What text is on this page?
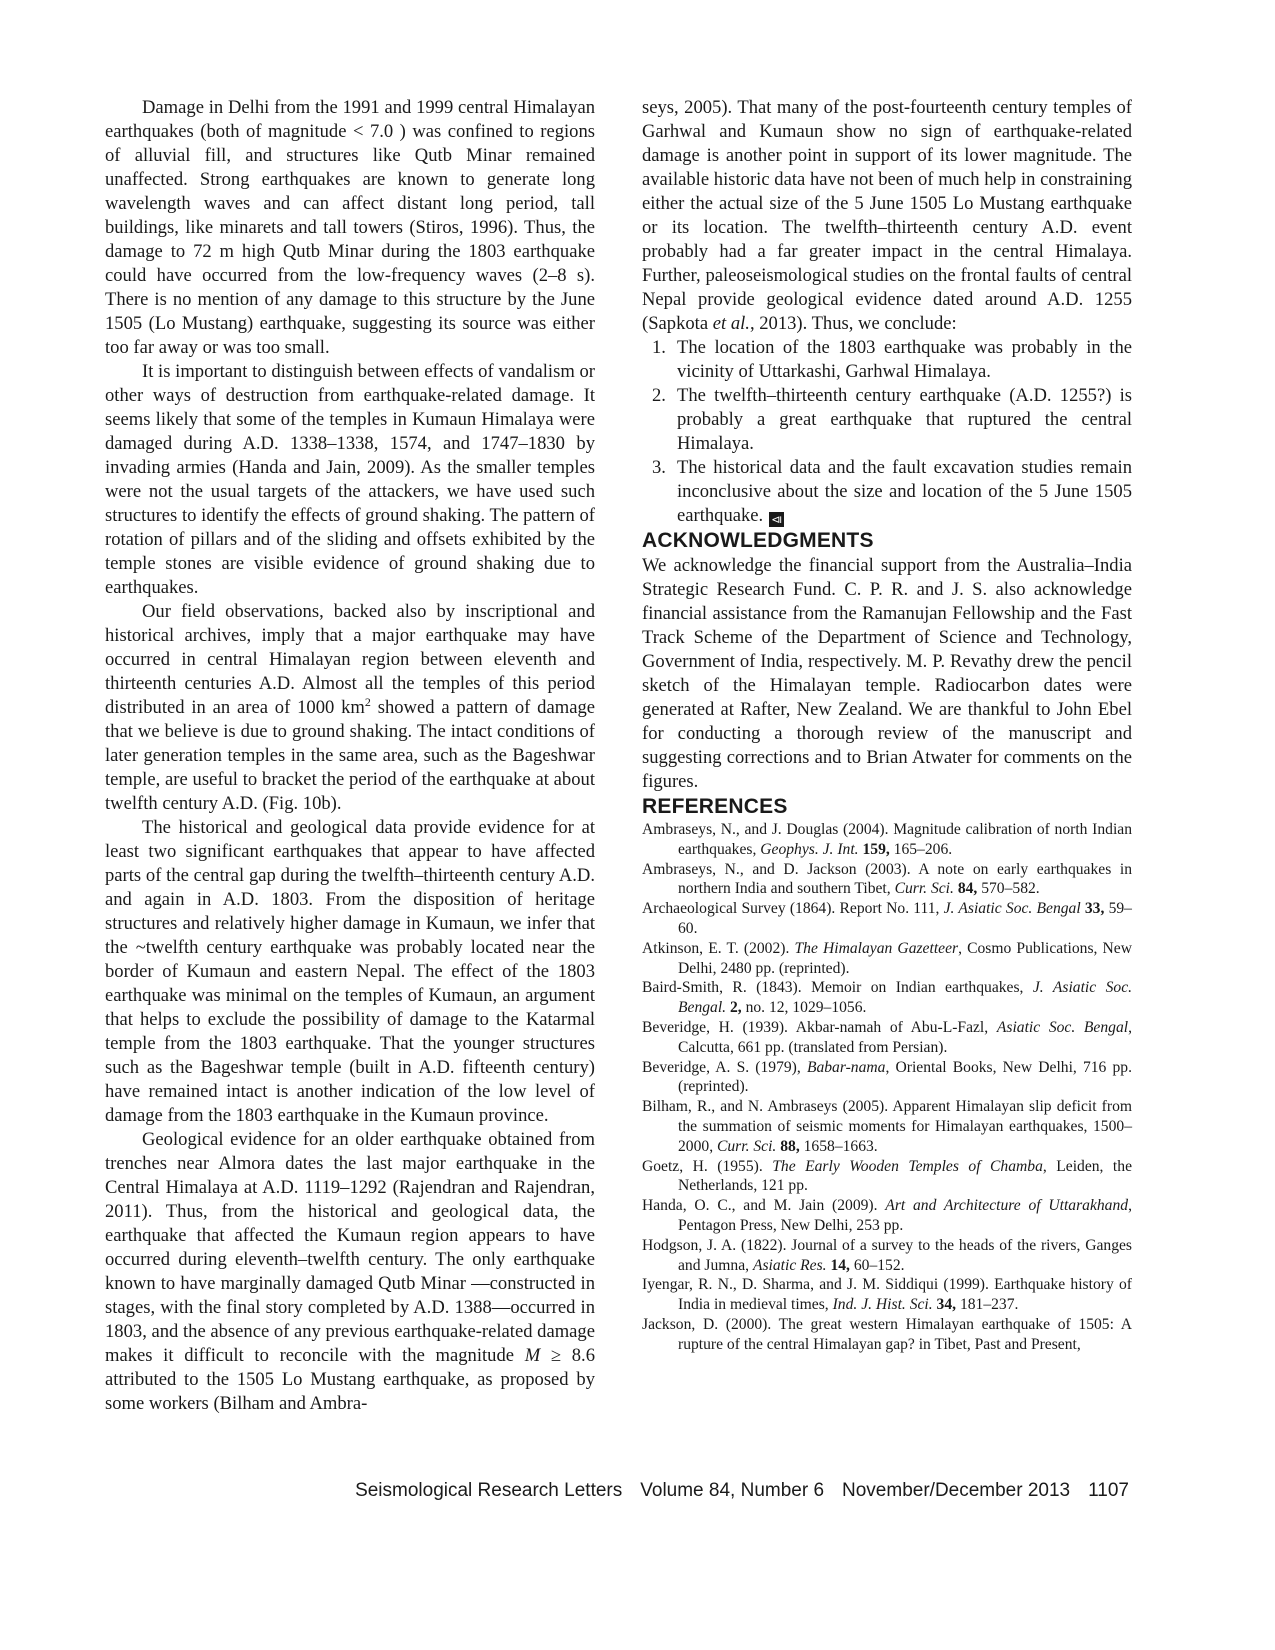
Damage in Delhi from the 1991 and 1999 central Himalayan earthquakes (both of magnitude < 7.0 ) was confined to regions of alluvial fill, and structures like Qutb Minar remained unaffected. Strong earthquakes are known to generate long wavelength waves and can affect distant long period, tall buildings, like minarets and tall towers (Stiros, 1996). Thus, the damage to 72 m high Qutb Minar during the 1803 earthquake could have occurred from the low-frequency waves (2–8 s). There is no mention of any damage to this structure by the June 1505 (Lo Mustang) earthquake, suggesting its source was either too far away or was too small.

It is important to distinguish between effects of vandalism or other ways of destruction from earthquake-related damage. It seems likely that some of the temples in Kumaun Himalaya were damaged during A.D. 1338–1338, 1574, and 1747–1830 by invading armies (Handa and Jain, 2009). As the smaller temples were not the usual targets of the attackers, we have used such structures to identify the effects of ground shaking. The pattern of rotation of pillars and of the sliding and offsets exhibited by the temple stones are visible evidence of ground shaking due to earthquakes.

Our field observations, backed also by inscriptional and historical archives, imply that a major earthquake may have occurred in central Himalayan region between eleventh and thirteenth centuries A.D. Almost all the temples of this period distributed in an area of 1000 $km^2$ showed a pattern of damage that we believe is due to ground shaking. The intact conditions of later generation temples in the same area, such as the Bageshwar temple, are useful to bracket the period of the earthquake at about twelfth century A.D. (Fig. 10b).

The historical and geological data provide evidence for at least two significant earthquakes that appear to have affected parts of the central gap during the twelfth–thirteenth century A.D. and again in A.D. 1803. From the disposition of heritage structures and relatively higher damage in Kumaun, we infer that the ~twelfth century earthquake was probably located near the border of Kumaun and eastern Nepal. The effect of the 1803 earthquake was minimal on the temples of Kumaun, an argument that helps to exclude the possibility of damage to the Katarmal temple from the 1803 earthquake. That the younger structures such as the Bageshwar temple (built in A.D. fifteenth century) have remained intact is another indication of the low level of damage from the 1803 earthquake in the Kumaun province.

Geological evidence for an older earthquake obtained from trenches near Almora dates the last major earthquake in the Central Himalaya at A.D. 1119–1292 (Rajendran and Rajendran, 2011). Thus, from the historical and geological data, the earthquake that affected the Kumaun region appears to have occurred during eleventh–twelfth century. The only earthquake known to have marginally damaged Qutb Minar —constructed in stages, with the final story completed by A.D. 1388—occurred in 1803, and the absence of any previous earthquake-related damage makes it difficult to reconcile with the magnitude M ≥ 8.6 attributed to the 1505 Lo Mustang earthquake, as proposed by some workers (Bilham and Ambra-

seys, 2005). That many of the post-fourteenth century temples of Garhwal and Kumaun show no sign of earthquake-related damage is another point in support of its lower magnitude. The available historic data have not been of much help in constraining either the actual size of the 5 June 1505 Lo Mustang earthquake or its location. The twelfth–thirteenth century A.D. event probably had a far greater impact in the central Himalaya. Further, paleoseismological studies on the frontal faults of central Nepal provide geological evidence dated around A.D. 1255 (Sapkota et al., 2013). Thus, we conclude:

1. The location of the 1803 earthquake was probably in the vicinity of Uttarkashi, Garhwal Himalaya.
2. The twelfth–thirteenth century earthquake (A.D. 1255?) is probably a great earthquake that ruptured the central Himalaya.
3. The historical data and the fault excavation studies remain inconclusive about the size and location of the 5 June 1505 earthquake. ⧏
ACKNOWLEDGMENTS

We acknowledge the financial support from the Australia–India Strategic Research Fund. C. P. R. and J. S. also acknowledge financial assistance from the Ramanujan Fellowship and the Fast Track Scheme of the Department of Science and Technology, Government of India, respectively. M. P. Revathy drew the pencil sketch of the Himalayan temple. Radiocarbon dates were generated at Rafter, New Zealand. We are thankful to John Ebel for conducting a thorough review of the manuscript and suggesting corrections and to Brian Atwater for comments on the figures.

REFERENCES

Ambraseys, N., and J. Douglas (2004). Magnitude calibration of north Indian earthquakes, Geophys. J. Int. 159, 165–206.

Ambraseys, N., and D. Jackson (2003). A note on early earthquakes in northern India and southern Tibet, Curr. Sci. 84, 570–582.

Archaeological Survey (1864). Report No. 111, J. Asiatic Soc. Bengal 33, 59–60.

Atkinson, E. T. (2002). The Himalayan Gazetteer, Cosmo Publications, New Delhi, 2480 pp. (reprinted).

Baird-Smith, R. (1843). Memoir on Indian earthquakes, J. Asiatic Soc. Bengal. 2, no. 12, 1029–1056.

Beveridge, H. (1939). Akbar-namah of Abu-L-Fazl, Asiatic Soc. Bengal, Calcutta, 661 pp. (translated from Persian).

Beveridge, A. S. (1979), Babar-nama, Oriental Books, New Delhi, 716 pp. (reprinted).

Bilham, R., and N. Ambraseys (2005). Apparent Himalayan slip deficit from the summation of seismic moments for Himalayan earthquakes, 1500–2000, Curr. Sci. 88, 1658–1663.

Goetz, H. (1955). The Early Wooden Temples of Chamba, Leiden, the Netherlands, 121 pp.

Handa, O. C., and M. Jain (2009). Art and Architecture of Uttarakhand, Pentagon Press, New Delhi, 253 pp.

Hodgson, J. A. (1822). Journal of a survey to the heads of the rivers, Ganges and Jumna, Asiatic Res. 14, 60–152.

Iyengar, R. N., D. Sharma, and J. M. Siddiqui (1999). Earthquake history of India in medieval times, Ind. J. Hist. Sci. 34, 181–237.

Jackson, D. (2000). The great western Himalayan earthquake of 1505: A rupture of the central Himalayan gap? in Tibet, Past and Present,

Seismological Research Letters Volume 84, Number 6 November/December 2013 1107
